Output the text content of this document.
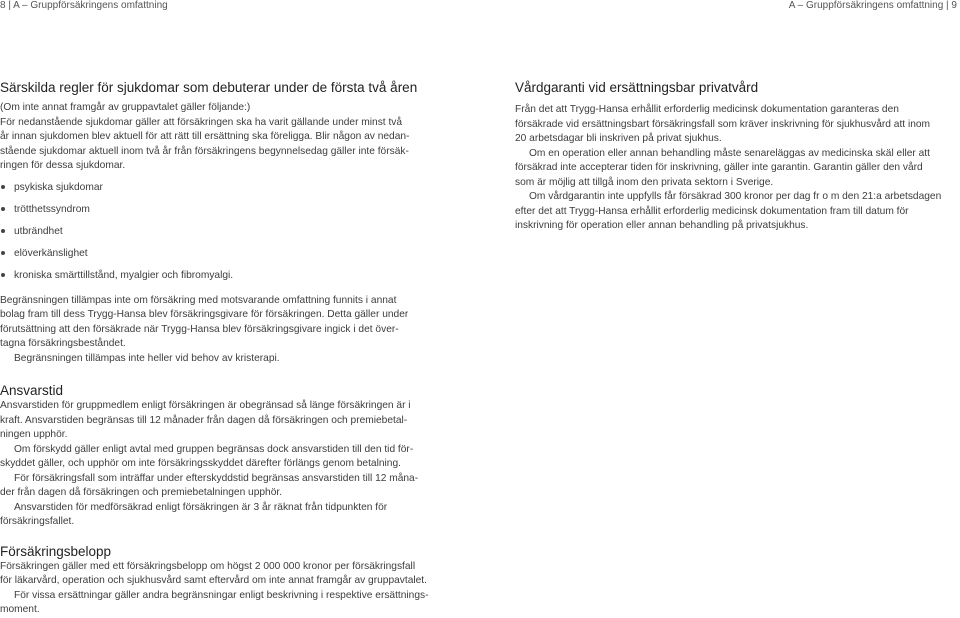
8 | A – Gruppförsäkringens omfattning	A – Gruppförsäkringens omfattning | 9
Särskilda regler för sjukdomar som debuterar under de första två åren

(Om inte annat framgår av gruppavtalet gäller följande:)

För nedanstående sjukdomar gäller att försäkringen ska ha varit gällande under minst två

år innan sjukdomen blev aktuell för att rätt till ersättning ska föreligga. Blir någon av nedan-

stående sjukdomar aktuell inom två år från försäkringens begynnelsedag gäller inte försäk-

ringen för dessa sjukdomar.

psykiska sjukdomar
trötthetssyndrom
utbrändhet
elöverkänslighet
kroniska smärttillstånd, myalgier och fibromyalgi.

Begränsningen tillämpas inte om försäkring med motsvarande omfattning funnits i annat

bolag fram till dess Trygg-Hansa blev försäkringsgivare för försäkringen. Detta gäller under

förutsättning att den försäkrade när Trygg-Hansa blev försäkringsgivare ingick i det över-

tagna försäkringsbeståndet.

Begränsningen tillämpas inte heller vid behov av kristerapi.

Ansvarstid

Ansvarstiden för gruppmedlem enligt försäkringen är obegränsad så länge försäkringen är i

kraft. Ansvarstiden begränsas till 12 månader från dagen då försäkringen och premiebetal-

ningen upphör.

Om förskydd gäller enligt avtal med gruppen begränsas dock ansvarstiden till den tid för-

skyddet gäller, och upphör om inte försäkringsskyddet därefter förlängs genom betalning.

För försäkringsfall som inträffar under efterskyddstid begränsas ansvarstiden till 12 måna-

der från dagen då försäkringen och premiebetalningen upphör.

Ansvarstiden för medförsäkrad enligt försäkringen är 3 år räknat från tidpunkten för

försäkringsfallet.

Försäkringsbelopp

Försäkringen gäller med ett försäkringsbelopp om högst 2 000 000 kronor per försäkringsfall

för läkarvård, operation och sjukhusvård samt eftervård om inte annat framgår av gruppavtalet.

För vissa ersättningar gäller andra begränsningar enligt beskrivning i respektive ersättnings-

moment.

Vårdgaranti vid ersättningsbar privatvård

Från det att Trygg-Hansa erhållit erforderlig medicinsk dokumentation garanteras den

försäkrade vid ersättningsbart försäkringsfall som kräver inskrivning för sjukhusvård att inom

20 arbetsdagar bli inskriven på privat sjukhus.

Om en operation eller annan behandling måste senareläggas av medicinska skäl eller att

försäkrad inte accepterar tiden för inskrivning, gäller inte garantin. Garantin gäller den vård

som är möjlig att tillgå inom den privata sektorn i Sverige.

Om vårdgarantin inte uppfylls får försäkrad 300 kronor per dag fr o m den 21:a arbetsdagen

efter det att Trygg-Hansa erhållit erforderlig medicinsk dokumentation fram till datum för

inskrivning för operation eller annan behandling på privatsjukhus.
